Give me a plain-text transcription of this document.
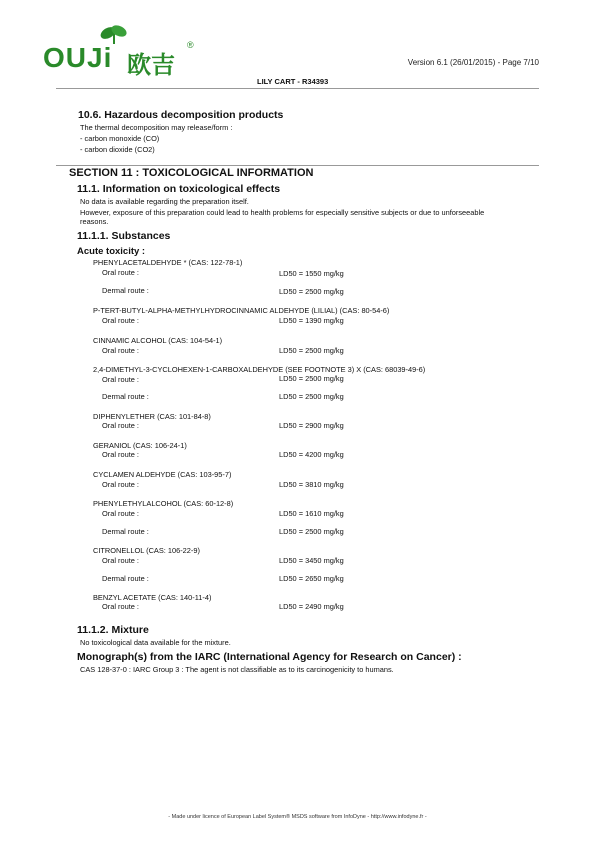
OUJi 欧吉
®
Version 6.1 (26/01/2015) - Page 7/10
LILY CART - R34393
10.6. Hazardous decomposition products
The thermal decomposition may release/form :
- carbon monoxide (CO)
- carbon dioxide (CO2)
SECTION 11 : TOXICOLOGICAL INFORMATION
11.1. Information on toxicological effects
No data is available regarding the preparation itself.
However, exposure of this preparation could lead to health problems for especially sensitive subjects or due to unforseeable
reasons.
11.1.1. Substances
Acute toxicity :
PHENYLACETALDEHYDE * (CAS: 122-78-1)
Oral route :	LD50 = 1550 mg/kg
Dermal route :	LD50 = 2500 mg/kg
P-TERT-BUTYL-ALPHA-METHYLHYDROCINNAMIC ALDEHYDE (LILIAL) (CAS: 80-54-6)
Oral route :	LD50 = 1390 mg/kg
CINNAMIC ALCOHOL (CAS: 104-54-1)
Oral route :	LD50 = 2500 mg/kg
2,4-DIMETHYL-3-CYCLOHEXEN-1-CARBOXALDEHYDE (SEE FOOTNOTE 3) X (CAS: 68039-49-6)
Oral route :	LD50 = 2500 mg/kg
Dermal route :	LD50 = 2500 mg/kg
DIPHENYLETHER (CAS: 101-84-8)
Oral route :	LD50 = 2900 mg/kg
GERANIOL (CAS: 106-24-1)
Oral route :	LD50 = 4200 mg/kg
CYCLAMEN ALDEHYDE (CAS: 103-95-7)
Oral route :	LD50 = 3810 mg/kg
PHENYLETHYLALCOHOL (CAS: 60-12-8)
Oral route :	LD50 = 1610 mg/kg
Dermal route :	LD50 = 2500 mg/kg
CITRONELLOL (CAS: 106-22-9)
Oral route :	LD50 = 3450 mg/kg
Dermal route :	LD50 = 2650 mg/kg
BENZYL ACETATE (CAS: 140-11-4)
Oral route :	LD50 = 2490 mg/kg
11.1.2. Mixture
No toxicological data available for the mixture.
Monograph(s) from the IARC (International Agency for Research on Cancer) :
CAS 128-37-0 : IARC Group 3 : The agent is not classifiable as to its carcinogenicity to humans.
- Made under licence of European Label System® MSDS software from InfoDyne - http://www.infodyne.fr -
